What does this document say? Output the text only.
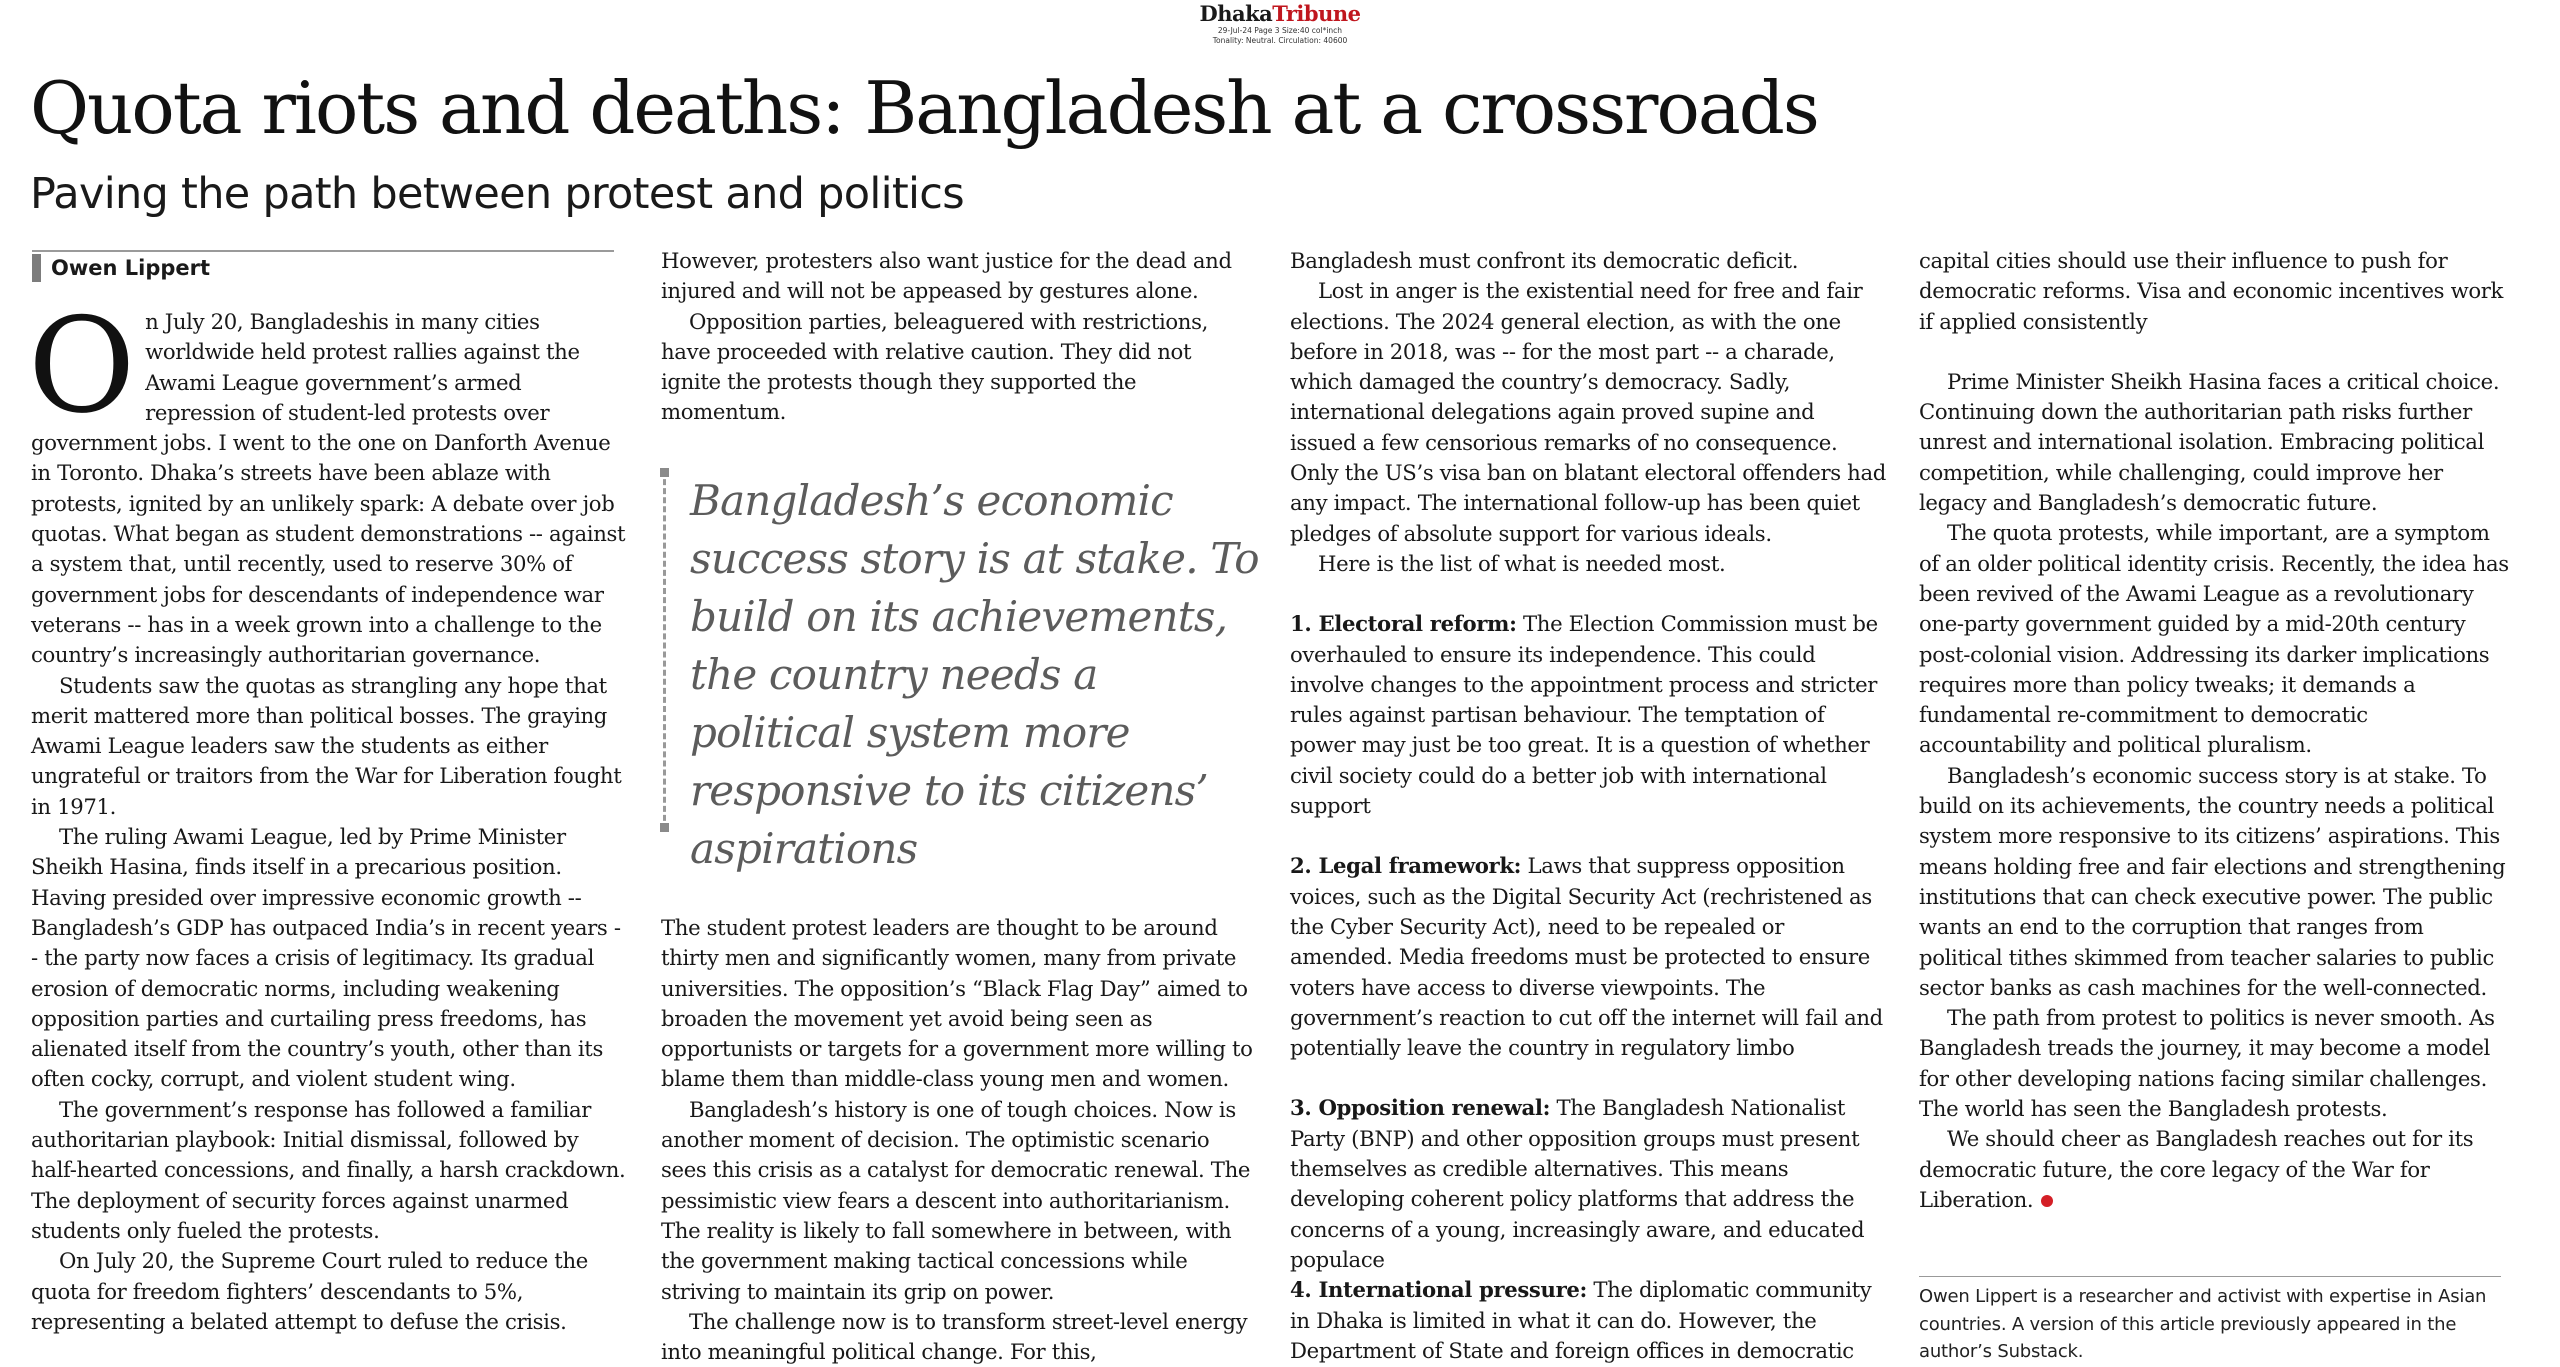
DhakaTribune
29-Jul-24 Page 3 Size:40 col*inch
Tonality: Neutral. Circulation: 40600
Quota riots and deaths: Bangladesh at a crossroads
Paving the path between protest and politics
Owen Lippert

On July 20, Bangladeshis in many cities worldwide held protest rallies against the Awami League government’s armed repression of student-led protests over government jobs. I went to the one on Danforth Avenue in Toronto. Dhaka’s streets have been ablaze with protests, ignited by an unlikely spark: A debate over job quotas. What began as student demonstrations -- against a system that, until recently, used to reserve 30% of government jobs for descendants of independence war veterans -- has in a week grown into a challenge to the country’s increasingly authoritarian governance.

Students saw the quotas as strangling any hope that merit mattered more than political bosses. The graying Awami League leaders saw the students as either ungrateful or traitors from the War for Liberation fought in 1971.

The ruling Awami League, led by Prime Minister Sheikh Hasina, finds itself in a precarious position. Having presided over impressive economic growth -- Bangladesh’s GDP has outpaced India’s in recent years -- the party now faces a crisis of legitimacy. Its gradual erosion of democratic norms, including weakening opposition parties and curtailing press freedoms, has alienated itself from the country’s youth, other than its often cocky, corrupt, and violent student wing.

The government’s response has followed a familiar authoritarian playbook: Initial dismissal, followed by half-hearted concessions, and finally, a harsh crackdown. The deployment of security forces against unarmed students only fueled the protests.

On July 20, the Supreme Court ruled to reduce the quota for freedom fighters’ descendants to 5%, representing a belated attempt to defuse the crisis.

However, protesters also want justice for the dead and injured and will not be appeased by gestures alone.

Opposition parties, beleaguered with restrictions, have proceeded with relative caution. They did not ignite the protests though they supported the momentum.

Bangladesh’s economic success story is at stake. To build on its achievements, the country needs a political system more responsive to its citizens’ aspirations

The student protest leaders are thought to be around thirty men and significantly women, many from private universities. The opposition’s “Black Flag Day” aimed to broaden the movement yet avoid being seen as opportunists or targets for a government more willing to blame them than middle-class young men and women.

Bangladesh’s history is one of tough choices. Now is another moment of decision. The optimistic scenario sees this crisis as a catalyst for democratic renewal. The pessimistic view fears a descent into authoritarianism. The reality is likely to fall somewhere in between, with the government making tactical concessions while striving to maintain its grip on power.

The challenge now is to transform street-level energy into meaningful political change. For this,

Bangladesh must confront its democratic deficit.

Lost in anger is the existential need for free and fair elections. The 2024 general election, as with the one before in 2018, was -- for the most part -- a charade, which damaged the country’s democracy. Sadly, international delegations again proved supine and issued a few censorious remarks of no consequence. Only the US’s visa ban on blatant electoral offenders had any impact. The international follow-up has been quiet pledges of absolute support for various ideals.

Here is the list of what is needed most.

1. Electoral reform: The Election Commission must be overhauled to ensure its independence. This could involve changes to the appointment process and stricter rules against partisan behaviour. The temptation of power may just be too great. It is a question of whether civil society could do a better job with international support

2. Legal framework: Laws that suppress opposition voices, such as the Digital Security Act (rechristened as the Cyber Security Act), need to be repealed or amended. Media freedoms must be protected to ensure voters have access to diverse viewpoints. The government’s reaction to cut off the internet will fail and potentially leave the country in regulatory limbo

3. Opposition renewal: The Bangladesh Nationalist Party (BNP) and other opposition groups must present themselves as credible alternatives. This means developing coherent policy platforms that address the concerns of a young, increasingly aware, and educated populace

4. International pressure: The diplomatic community in Dhaka is limited in what it can do. However, the Department of State and foreign offices in democratic

capital cities should use their influence to push for democratic reforms. Visa and economic incentives work if applied consistently

Prime Minister Sheikh Hasina faces a critical choice. Continuing down the authoritarian path risks further unrest and international isolation. Embracing political competition, while challenging, could improve her legacy and Bangladesh’s democratic future.

The quota protests, while important, are a symptom of an older political identity crisis. Recently, the idea has been revived of the Awami League as a revolutionary one-party government guided by a mid-20th century post-colonial vision. Addressing its darker implications requires more than policy tweaks; it demands a fundamental re-commitment to democratic accountability and political pluralism.

Bangladesh’s economic success story is at stake. To build on its achievements, the country needs a political system more responsive to its citizens’ aspirations. This means holding free and fair elections and strengthening institutions that can check executive power. The public wants an end to the corruption that ranges from political tithes skimmed from teacher salaries to public sector banks as cash machines for the well-connected.

The path from protest to politics is never smooth. As Bangladesh treads the journey, it may become a model for other developing nations facing similar challenges. The world has seen the Bangladesh protests.

We should cheer as Bangladesh reaches out for its democratic future, the core legacy of the War for Liberation.

Owen Lippert is a researcher and activist with expertise in Asian countries. A version of this article previously appeared in the author’s Substack.
